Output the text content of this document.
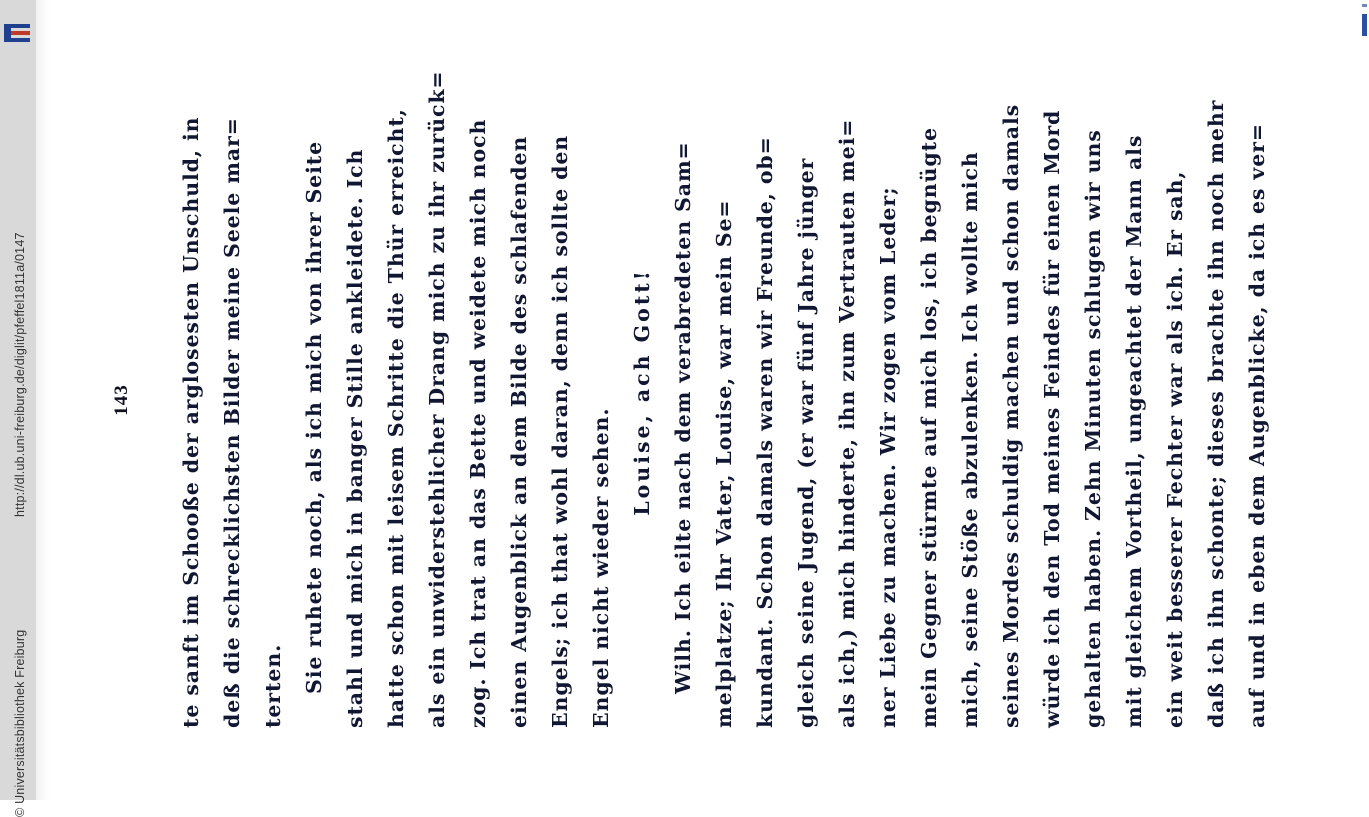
http://dl.ub.uni-freiburg.de/diglit/pfeffel1811a/0147
© Universitätsbibliothek Freiburg
143	te sanft im Schooße der arglosesten Unschuld, in deß die schrecklichsten Bilder meine Seele mar= terten. Sie ruhete noch, als ich mich von ihrer Seite stahl und mich in banger Stille ankleidete. Ich hatte schon mit leisem Schritte die Thür erreicht, als ein unwiderstehlicher Drang mich zu ihr zurück= zog. Ich trat an das Bette und weidete mich noch einen Augenblick an dem Bilde des schlafenden Engels; ich that wohl daran, denn ich sollte den Engel nicht wieder sehen.
Louise, ach Gott! Wilh. Ich eilte nach dem verabredeten Sam= melplatze; Ihr Vater, Louise, war mein Se= kundant. Schon damals waren wir Freunde, ob= gleich seine Jugend, (er war fünf Jahre jünger als ich,) mich hinderte, ihn zum Vertrauten mei= ner Liebe zu machen. Wir zogen vom Leder; mein Gegner stürmte auf mich los, ich begnügte mich, seine Stöße abzulenken. Ich wollte mich seines Mordes schuldig machen und schon damals würde ich den Tod meines Feindes für einen Mord gehalten haben. Zehn Minuten schlugen wir uns mit gleichem Vortheil, ungeachtet der Mann als ein weit besserer Fechter war als ich. Er sah, daß ich ihn schonte; dieses brachte ihn noch mehr auf und in eben dem Augenblicke, da ich es ver=
